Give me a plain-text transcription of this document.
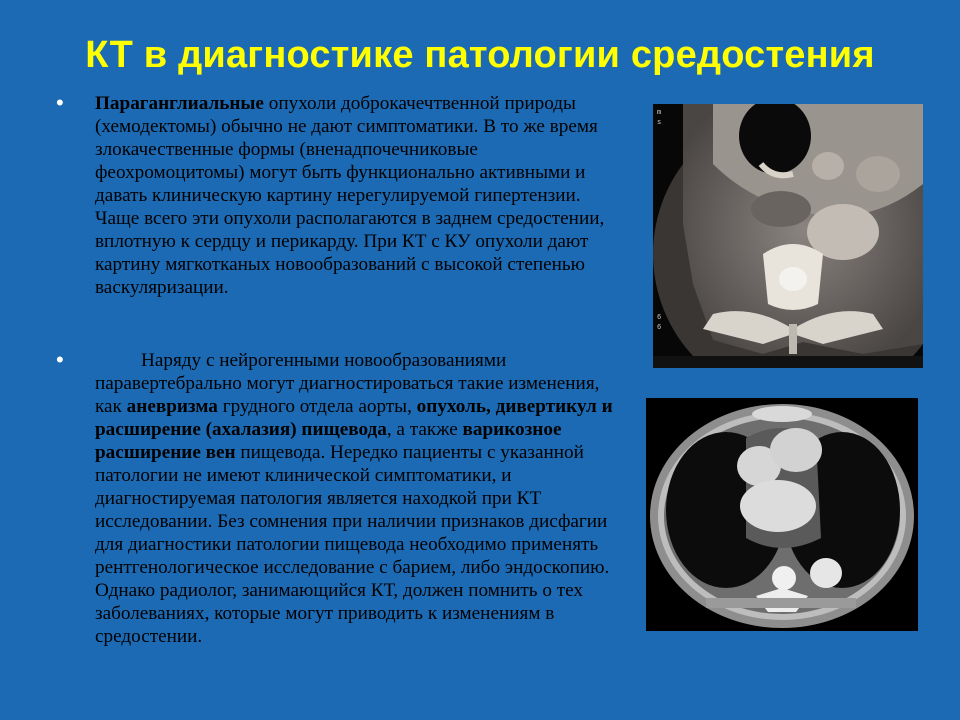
КТ в диагностике патологии средостения
• Параганглиальные опухоли доброкачечтвенной природы (хемодектомы) обычно не дают симптоматики. В то же время злокачественные формы (вненадпочечниковые феохромоцитомы) могут быть функционально активными и давать клиническую картину нерегулируемой гипертензии. Чаще всего эти опухоли располагаются в заднем средостении, вплотную к сердцу и перикарду. При КТ с КУ опухоли дают картину мягкотканых новообразований с высокой степенью васкуляризации.
•	Наряду с нейрогенными новообразованиями паравертебрально могут диагностироваться такие изменения, как аневризма грудного отдела аорты, опухоль, дивертикул и расширение (ахалазия) пищевода, а также варикозное расширение вен пищевода. Нередко пациенты с указанной патологии не имеют клинической симптоматики, и диагностируемая патология является находкой при КТ исследовании. Без сомнения при наличии признаков дисфагии для диагностики патологии пищевода необходимо применять рентгенологическое исследование с барием, либо эндоскопию. Однако радиолог, занимающийся КТ, должен помнить о тех заболеваниях, которые могут приводить к изменениям в средостении.
m
s
6
6
